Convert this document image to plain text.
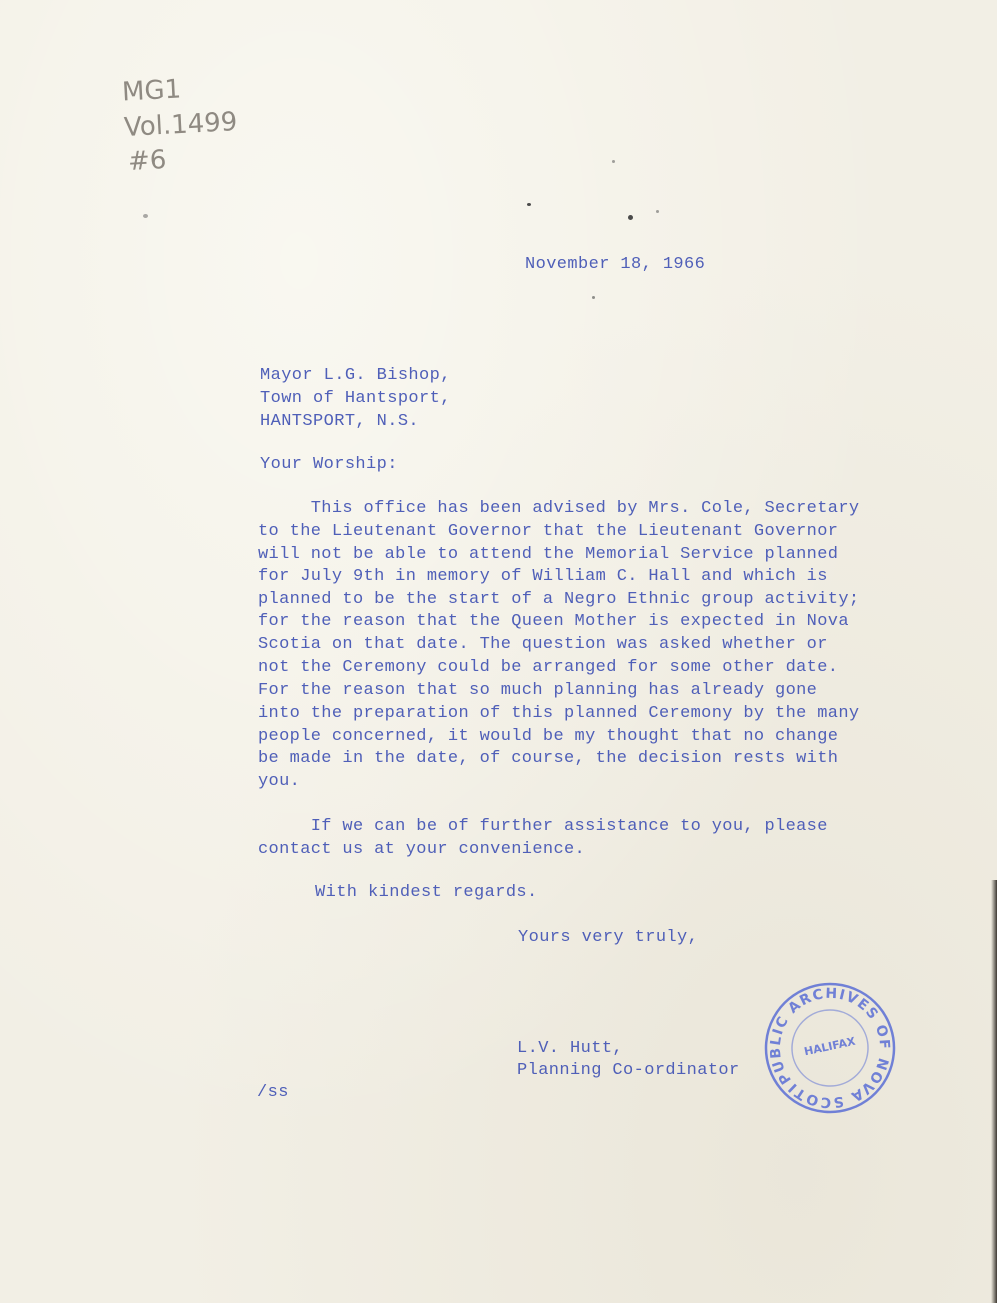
MG1
Vol.1499
#6
November 18, 1966
Mayor L.G. Bishop,
Town of Hantsport,
HANTSPORT, N.S.
Your Worship:
This office has been advised by Mrs. Cole, Secretary
to the Lieutenant Governor that the Lieutenant Governor
will not be able to attend the Memorial Service planned
for July 9th in memory of William C. Hall and which is
planned to be the start of a Negro Ethnic group activity;
for the reason that the Queen Mother is expected in Nova
Scotia on that date. The question was asked whether or
not the Ceremony could be arranged for some other date.
For the reason that so much planning has already gone
into the preparation of this planned Ceremony by the many
people concerned, it would be my thought that no change
be made in the date, of course, the decision rests with
you.
If we can be of further assistance to you, please
contact us at your convenience.
With kindest regards.
Yours very truly,
L.V. Hutt,
Planning Co-ordinator
/ss
PUBLIC ARCHIVES OF NOVA SCOTIA	HALIFAX
